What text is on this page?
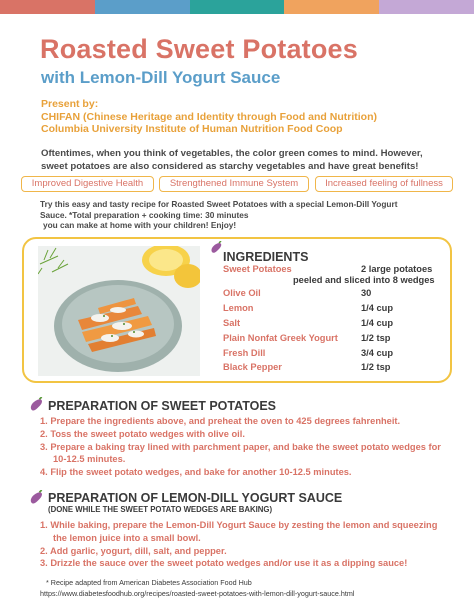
Roasted Sweet Potatoes
with Lemon-Dill Yogurt Sauce
Present by:
CHIFAN (Chinese Heritage and Identity through Food and Nutrition)
Columbia University Institute of Human Nutrition Food Coop
Oftentimes, when you think of vegetables, the color green comes to mind. However, sweet potatoes are also considered as starchy vegetables and have great benefits!
Improved Digestive Health	Strengthened Immune System	Increased feeling of fullness
Try this easy and tasty recipe for Roasted Sweet Potatoes with a special Lemon-Dill Yogurt
Sauce. *Total preparation + cooking time: 30 minutes
you can make at home with your children! Enjoy!
INGREDIENTS
Sweet Potatoes	2 large potatoes
peeled and sliced into 8 wedges
Olive Oil	30
Lemon	1/4 cup
Salt	1/4 cup
Plain Nonfat Greek Yogurt 1/2 tsp
Fresh Dill	3/4 cup
Black Pepper	1/2 tsp
PREPARATION OF SWEET POTATOES
1. Prepare the ingredients above, and preheat the oven to 425 degrees fahrenheit.
2. Toss the sweet potato wedges with olive oil.
3. Prepare a baking tray lined with parchment paper, and bake the sweet potato wedges for
10-12.5 minutes.
4. Flip the sweet potato wedges, and bake for another 10-12.5 minutes.
PREPARATION OF LEMON-DILL YOGURT SAUCE
(DONE WHILE THE SWEET POTATO WEDGES ARE BAKING)
1. While baking, prepare the Lemon-Dill Yogurt Sauce by zesting the lemon and squeezing
the lemon juice into a small bowl.
2. Add garlic, yogurt, dill, salt, and pepper.
3. Drizzle the sauce over the sweet potato wedges and/or use it as a dipping sauce!
* Recipe adapted from American Diabetes Association Food Hub
https://www.diabetesfoodhub.org/recipes/roasted-sweet-potatoes-with-lemon-dill-yogurt-sauce.html
